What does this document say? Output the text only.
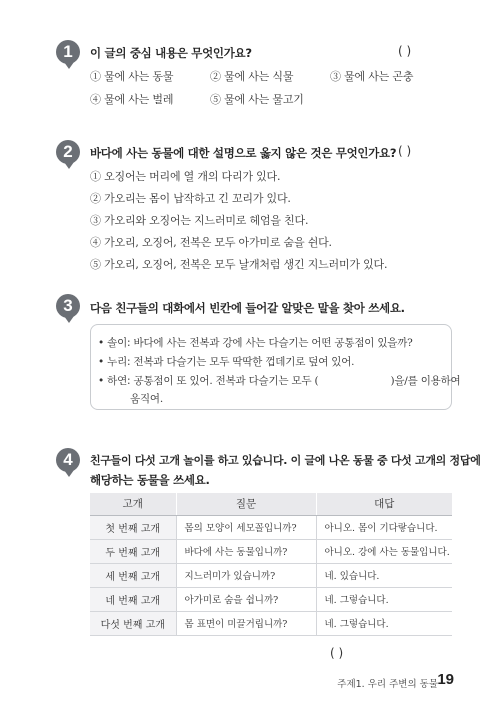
1 이 글의 중심 내용은 무엇인가요?	( )
① 물에 사는 동물	② 물에 사는 식물	③ 물에 사는 곤충
④ 물에 사는 벌레	⑤ 물에 사는 물고기
2 바다에 사는 동물에 대한 설명으로 옳지 않은 것은 무엇인가요? ( )
① 오징어는 머리에 열 개의 다리가 있다.
② 가오리는 몸이 납작하고 긴 꼬리가 있다.
③ 가오리와 오징어는 지느러미로 헤엄을 친다.
④ 가오리, 오징어, 전복은 모두 아가미로 숨을 쉰다.
⑤ 가오리, 오징어, 전복은 모두 날개처럼 생긴 지느러미가 있다.
3 다음 친구들의 대화에서 빈칸에 들어갈 알맞은 말을 찾아 쓰세요.
• 솔이: 바다에 사는 전복과 강에 사는 다슬기는 어떤 공통점이 있을까?
• 누리: 전복과 다슬기는 모두 딱딱한 껍데기로 덮여 있어.
• 하연: 공통점이 또 있어. 전복과 다슬기는 모두 (	)을/를 이용하여
움직여.
4 친구들이 다섯 고개 놀이를 하고 있습니다. 이 글에 나온 동물 중 다섯 고개의 정답에
해당하는 동물을 쓰세요.
고개	질문	대답
첫 번째 고개	몸의 모양이 세모꼴입니까?	아니오. 몸이 기다랗습니다.
두 번째 고개	바다에 사는 동물입니까?	아니오. 강에 사는 동물입니다.
세 번째 고개	지느러미가 있습니까?	네. 있습니다.
네 번째 고개	아가미로 숨을 쉽니까?	네. 그렇습니다.
다섯 번째 고개	몸 표면이 미끌거립니까?	네. 그렇습니다.
( )
주제1. 우리 주변의 동물 19
